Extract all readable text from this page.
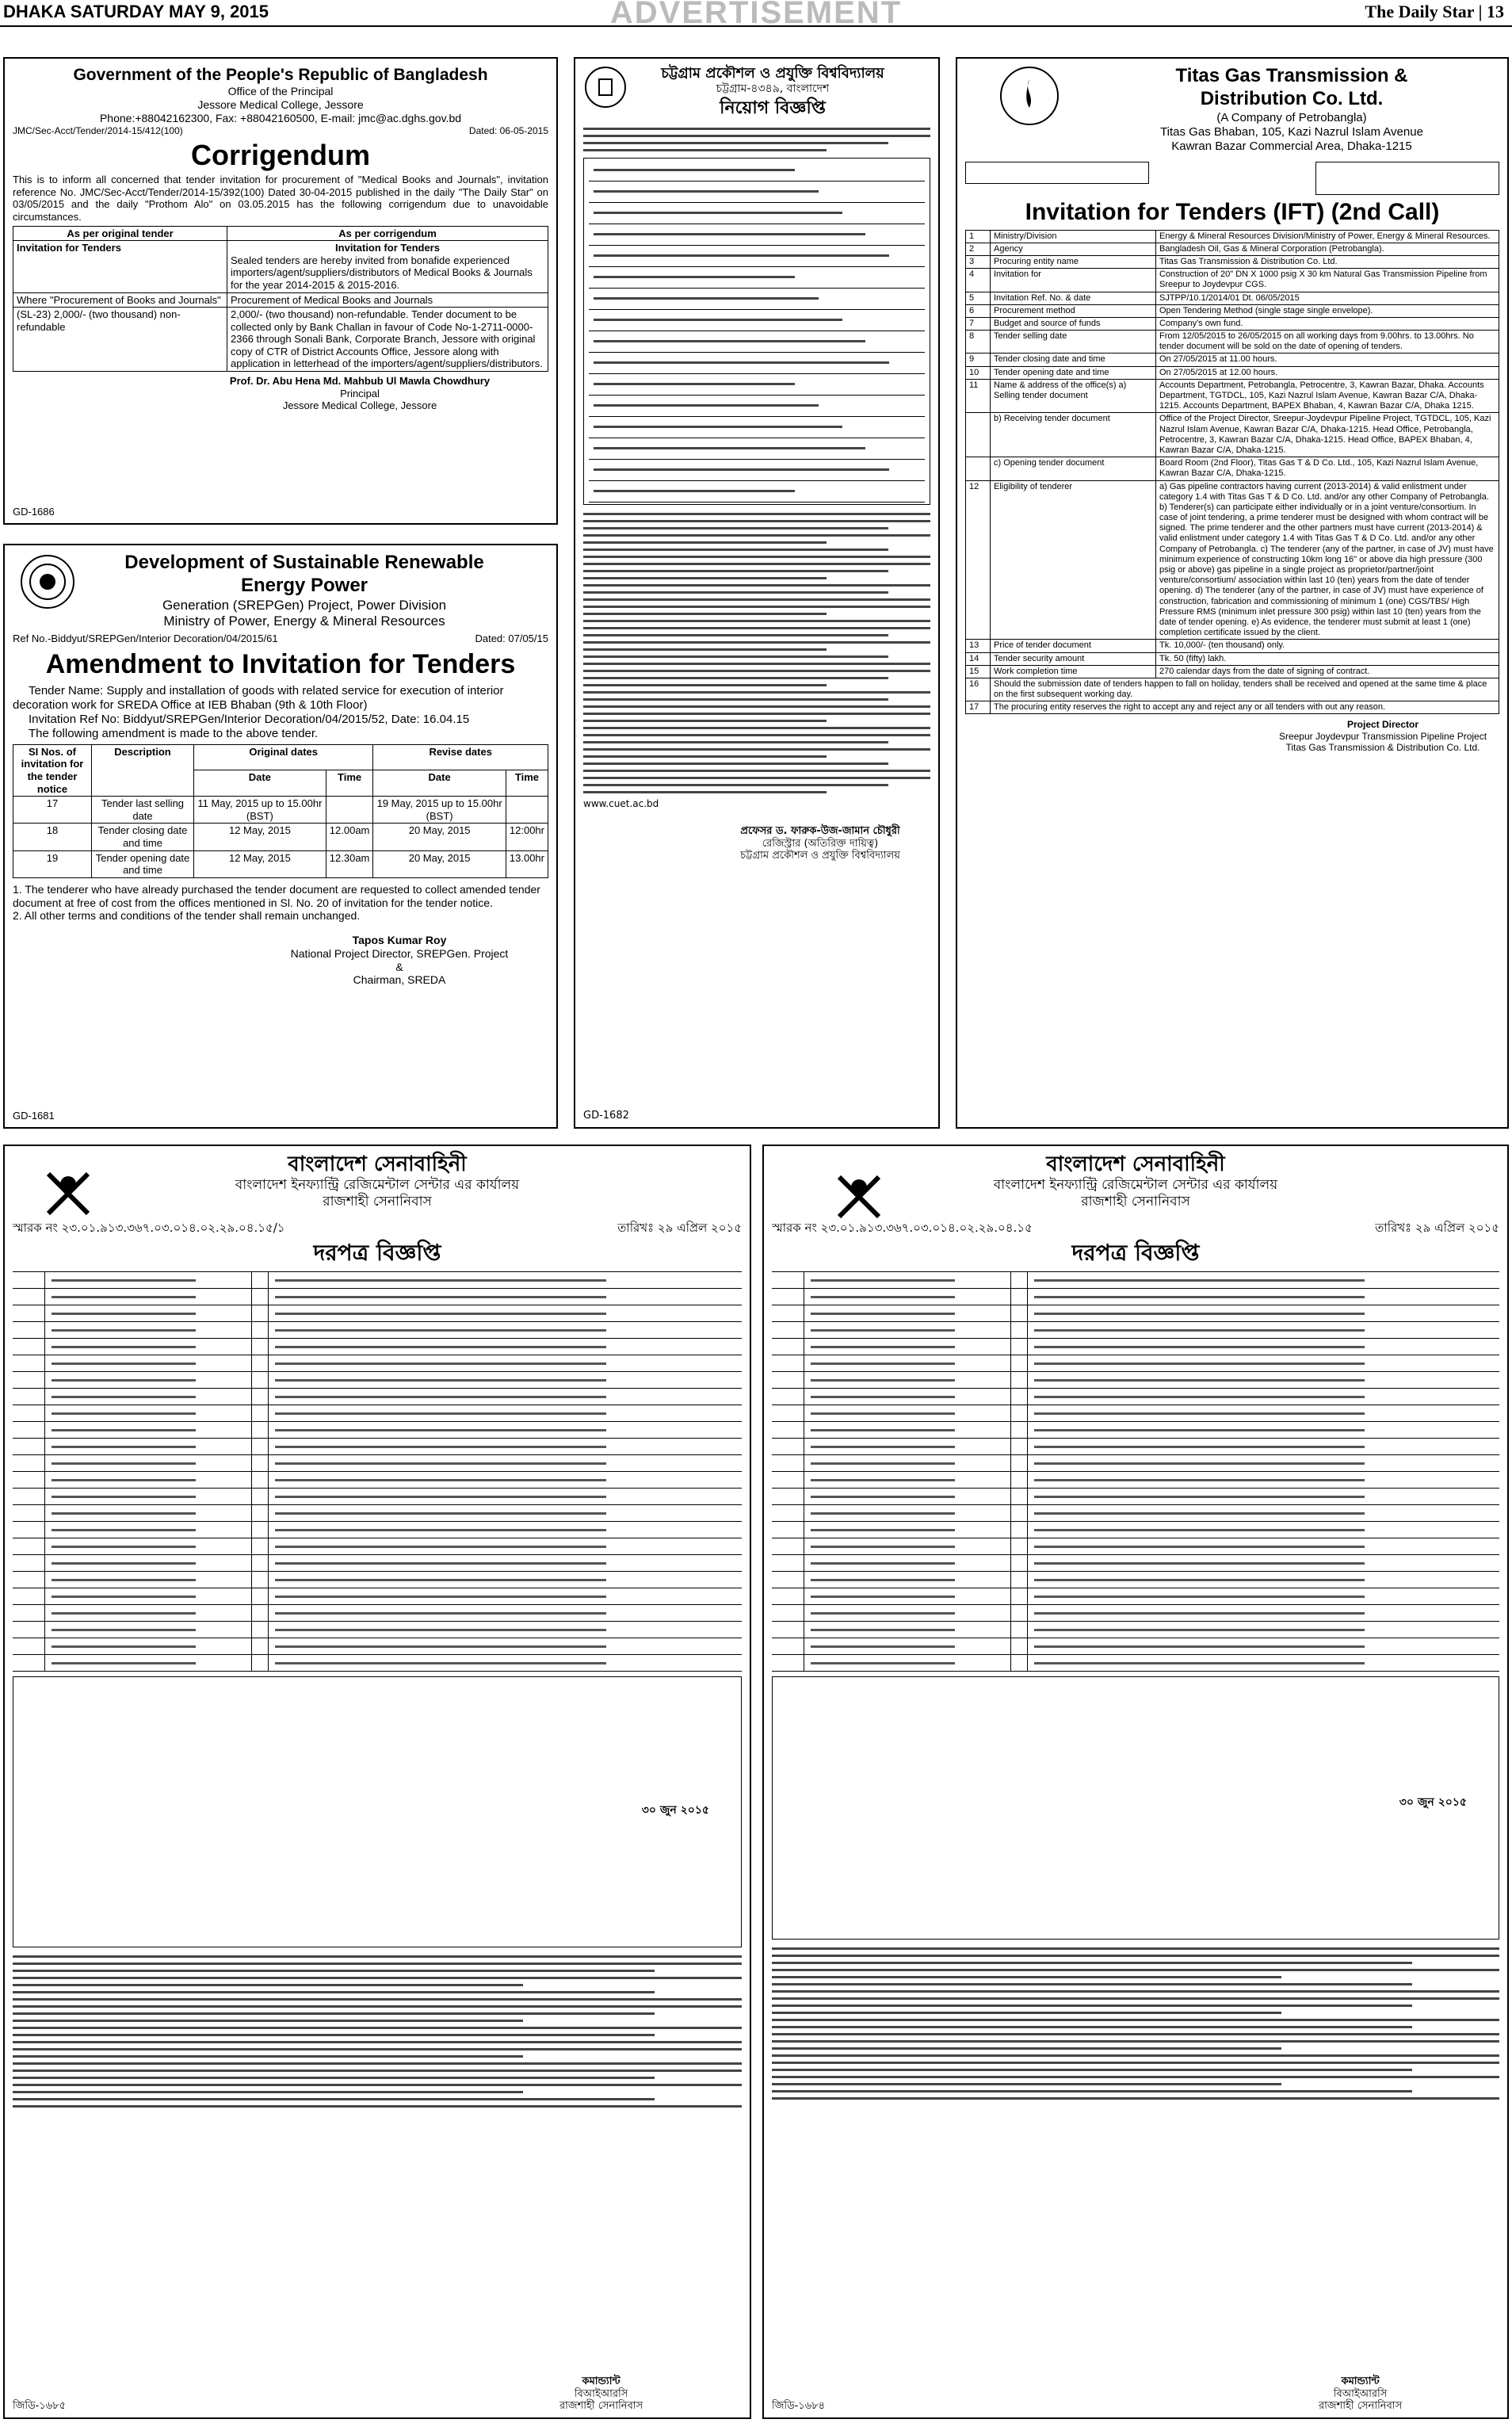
DHAKA SATURDAY MAY 9, 2015	ADVERTISEMENT	The Daily Star | 13
Government of the People's Republic of Bangladesh
Office of the Principal
Jessore Medical College, Jessore
Phone:+88042162300, Fax: +88042160500, E-mail: jmc@ac.dghs.gov.bd
JMC/Sec-Acct/Tender/2014-15/412(100)	Dated: 06-05-2015
Corrigendum
This is to inform all concerned that tender invitation for procurement of "Medical Books and Journals", invitation reference No. JMC/Sec-Acct/Tender/2014-15/392(100) Dated 30-04-2015 published in the daily "The Daily Star" on 03/05/2015 and the daily "Prothom Alo" on 03.05.2015 has the following corrigendum due to unavoidable circumstances.
As per original tender	As per corrigendum
Invitation for Tenders	Invitation for Tenders
Sealed tenders are hereby invited from bonafide experienced importers/agent/suppliers/distributors of Medical Books & Journals for the year 2014-2015 & 2015-2016.

Where "Procurement of Books and Journals"	Procurement of Medical Books and Journals
(SL-23) 2,000/- (two thousand) non-refundable	2,000/- (two thousand) non-refundable. Tender document to be collected only by Bank Challan in favour of Code No-1-2711-0000-2366 through Sonali Bank, Corporate Branch, Jessore with original copy of CTR of District Accounts Office, Jessore along with application in letterhead of the importers/agent/suppliers/distributors.
Prof. Dr. Abu Hena Md. Mahbub Ul Mawla Chowdhury
Principal
Jessore Medical College, Jessore
GD-1686
Development of Sustainable Renewable
Energy Power
Generation (SREPGen) Project, Power Division
Ministry of Power, Energy & Mineral Resources
Ref No.-Biddyut/SREPGen/Interior Decoration/04/2015/61	Dated: 07/05/15
Amendment to Invitation for Tenders
Tender Name: Supply and installation of goods with related service for execution of interior decoration work for SREDA Office at IEB Bhaban (9th & 10th Floor)
Invitation Ref No: Biddyut/SREPGen/Interior Decoration/04/2015/52, Date: 16.04.15
The following amendment is made to the above tender.
SI Nos. of invitation for the tender notice	Description	Original dates		Revise dates	
		Date	Time	Date	Time
17	Tender last selling date	11 May, 2015 up to 15.00hr (BST)		19 May, 2015 up to 15.00hr (BST)	
18	Tender closing date and time	12 May, 2015	12.00am	20 May, 2015	12:00hr
19	Tender opening date and time	12 May, 2015	12.30am	20 May, 2015	13.00hr
1. The tenderer who have already purchased the tender document are requested to collect amended tender document at free of cost from the offices mentioned in Sl. No. 20 of invitation for the tender notice.
2. All other terms and conditions of the tender shall remain unchanged.
Tapos Kumar Roy
National Project Director, SREPGen. Project
&
Chairman, SREDA
GD-1681
চট্টগ্রাম প্রকৌশল ও প্রযুক্তি বিশ্ববিদ্যালয়
চট্টগ্রাম-৪৩৪৯, বাংলাদেশ
নিয়োগ বিজ্ঞপ্তি
www.cuet.ac.bd
প্রফেসর ড. ফারুক-উজ-জামান চৌধুরী
রেজিস্ট্রার (অতিরিক্ত দায়িত্ব)
চট্টগ্রাম প্রকৌশল ও প্রযুক্তি বিশ্ববিদ্যালয়
GD-1682
Titas Gas Transmission &
Distribution Co. Ltd.
(A Company of Petrobangla)
Titas Gas Bhaban, 105, Kazi Nazrul Islam Avenue
Kawran Bazar Commercial Area, Dhaka-1215
Invitation for Tenders (IFT) (2nd Call)
1	Ministry/Division	Energy & Mineral Resources Division/Ministry of Power, Energy & Mineral Resources.
2	Agency	Bangladesh Oil, Gas & Mineral Corporation (Petrobangla).
3	Procuring entity name	Titas Gas Transmission & Distribution Co. Ltd.
4	Invitation for	Construction of 20" DN X 1000 psig X 30 km Natural Gas Transmission Pipeline from Sreepur to Joydevpur CGS.
5	Invitation Ref. No. & date	SJTPP/10.1/2014/01 Dt. 06/05/2015
6	Procurement method	Open Tendering Method (single stage single envelope).
7	Budget and source of funds	Company's own fund.
8	Tender selling date	From 12/05/2015 to 26/05/2015 on all working days from 9.00hrs. to 13.00hrs. No tender document will be sold on the date of opening of tenders.
9	Tender closing date and time	On 27/05/2015 at 11.00 hours.
10	Tender opening date and time	On 27/05/2015 at 12.00 hours.
11	Name & address of the office(s) a) Selling tender document	Accounts Department, Petrobangla, Petrocentre, 3, Kawran Bazar, Dhaka. Accounts Department, TGTDCL, 105, Kazi Nazrul Islam Avenue, Kawran Bazar C/A, Dhaka-1215. Accounts Department, BAPEX Bhaban, 4, Kawran Bazar C/A, Dhaka 1215.
	b) Receiving tender document	Office of the Project Director, Sreepur-Joydevpur Pipeline Project, TGTDCL, 105, Kazi Nazrul Islam Avenue, Kawran Bazar C/A, Dhaka-1215. Head Office, Petrobangla, Petrocentre, 3, Kawran Bazar C/A, Dhaka-1215. Head Office, BAPEX Bhaban, 4, Kawran Bazar C/A, Dhaka-1215.
	c) Opening tender document	Board Room (2nd Floor), Titas Gas T & D Co. Ltd., 105, Kazi Nazrul Islam Avenue, Kawran Bazar C/A, Dhaka-1215.
12	Eligibility of tenderer	a) Gas pipeline contractors having current (2013-2014) & valid enlistment under category 1.4 with Titas Gas T & D Co. Ltd. and/or any other Company of Petrobangla. b) Tenderer(s) can participate either individually or in a joint venture/consortium. In case of joint tendering, a prime tenderer must be designed with whom contract will be signed. The prime tenderer and the other partners must have current (2013-2014) & valid enlistment under category 1.4 with Titas Gas T & D Co. Ltd. and/or any other Company of Petrobangla. c) The tenderer (any of the partner, in case of JV) must have minimum experience of constructing 10km long 16" or above dia high pressure (300 psig or above) gas pipeline in a single project as proprietor/partner/joint venture/consortium/ association within last 10 (ten) years from the date of tender opening. d) The tenderer (any of the partner, in case of JV) must have experience of construction, fabrication and commissioning of minimum 1 (one) CGS/TBS/ High Pressure RMS (minimum inlet pressure 300 psig) within last 10 (ten) years from the date of tender opening. e) As evidence, the tenderer must submit at least 1 (one) completion certificate issued by the client.
13	Price of tender document	Tk. 10,000/- (ten thousand) only.
14	Tender security amount	Tk. 50 (fifty) lakh.
15	Work completion time	270 calendar days from the date of signing of contract.
16	Should the submission date of tenders happen to fall on holiday, tenders shall be received and opened at the same time & place on the first subsequent working day.	
17	The procuring entity reserves the right to accept any and reject any or all tenders with out any reason.	
Project Director
Sreepur Joydevpur Transmission Pipeline Project
Titas Gas Transmission & Distribution Co. Ltd.
বাংলাদেশ সেনাবাহিনী
বাংলাদেশ ইনফ্যান্ট্রি রেজিমেন্টাল সেন্টার এর কার্যালয়
রাজশাহী সেনানিবাস
স্মারক নং ২৩.০১.৯১৩.৩৬৭.০৩.০১৪.০২.২৯.০৪.১৫/১	তারিখঃ ২৯ এপ্রিল ২০১৫
দরপত্র বিজ্ঞপ্তি
৩০ জুন ২০১৫
জিডি-১৬৮৫
কমান্ড্যান্ট
বিআইআরসি
রাজশাহী সেনানিবাস
বাংলাদেশ সেনাবাহিনী
বাংলাদেশ ইনফ্যান্ট্রি রেজিমেন্টাল সেন্টার এর কার্যালয়
রাজশাহী সেনানিবাস
স্মারক নং ২৩.০১.৯১৩.৩৬৭.০৩.০১৪.০২.২৯.০৪.১৫	তারিখঃ ২৯ এপ্রিল ২০১৫
দরপত্র বিজ্ঞপ্তি
৩০ জুন ২০১৫
জিডি-১৬৮৪
কমান্ড্যান্ট
বিআইআরসি
রাজশাহী সেনানিবাস
